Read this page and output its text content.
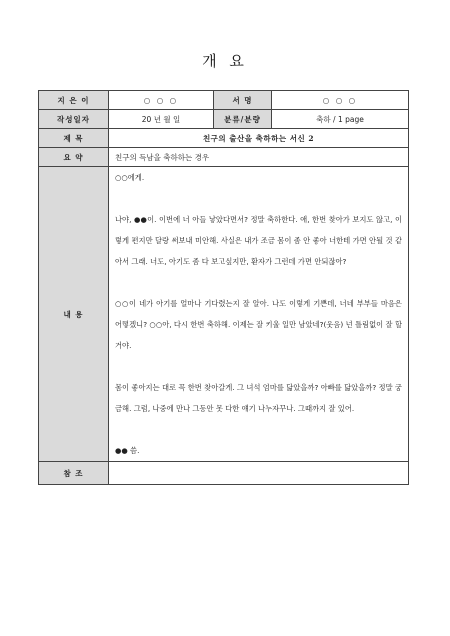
개 요
지 은 이	○ ○ ○	서 명	○ ○ ○
작성일자	20 년 월 일	분류/분량	축하 / 1 page
제 목	친구의 출산을 축하하는 서신 2		
요 약	친구의 득남을 축하하는 경우		
내 용	○○에게.

나야, ●●이. 이번에 너 아들 낳았다면서? 정말 축하한다. 애, 한번 찾아가 보지도 않고, 이렇게 편지만 달랑 써보내 미안해. 사실은 내가 조금 몸이 좀 안 좋아 너한테 가면 안될 것 같아서 그래. 너도, 아기도 좀 다 보고싶지만, 환자가 그런데 가면 안되잖아?

○○이 네가 아기를 얼마나 기다렸는지 잘 알아. 나도 이렇게 기쁜데, 너네 부부들 마음은 어떻겠니? ○○아, 다시 한번 축하해. 이제는 잘 키울 일만 남았네?(웃음) 넌 틀림없이 잘 할거야.

몸이 좋아지는 대로 꼭 한번 찾아갈게. 그 녀석 엄마를 닮았을까? 아빠를 닮았을까? 정말 궁금해. 그럼, 나중에 만나 그동안 못 다한 얘기 나누자꾸나. 그때까지 잘 있어.

●● 씀.		

참 조			
